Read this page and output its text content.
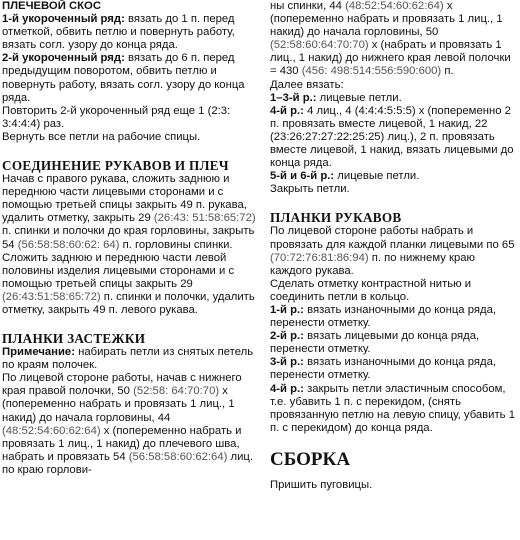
ПЛЕЧЕВОЙ СКОС

1-й укороченный ряд: вязать до 1 п. перед отметкой, обвить петлю и повернуть работу, вязать согл. узору до конца ряда.

2-й укороченный ряд: вязать до 6 п. перед предыдущим поворотом, обвить петлю и повернуть работу, вязать согл. узору до конца ряда.

Повторить 2-й укороченный ряд еще 1 (2:3: 3:4:4:4) раз.

Вернуть все петли на рабочие спицы.

СОЕДИНЕНИЕ РУКАВОВ И ПЛЕЧ

Начав с правого рукава, сложить заднюю и переднюю части лицевыми сторонами и с помощью третьей спицы закрыть 49 п. рукава, удалить отметку, закрыть 29 (26:43: 51:58:65:72) п. спинки и полочки до края горловины, закрыть 54 (56:58:58:60:62: 64) п. горловины спинки. Сложить заднюю и переднюю части левой половины изделия лицевыми сторонами и с помощью третьей спицы закрыть 29 (26:43:51:58:65:72) п. спинки и полочки, удалить отметку, закрыть 49 п. левого рукава.

ПЛАНКИ ЗАСТЕЖКИ

Примечание: набирать петли из снятых петель по краям полочек.

По лицевой стороне работы, начав с нижнего края правой полочки, 50 (52:58: 64:70:70) х (попеременно набрать и провязать 1 лиц., 1 накид) до начала горловины, 44 (48:52:54:60:62:64) х (попеременно набрать и провязать 1 лиц., 1 накид) до плечевого шва, набрать и провязать 54 (56:58:58:60:62:64) лиц. по краю горлови-

ны спинки, 44 (48:52:54:60:62:64) х (попеременно набрать и провязать 1 лиц., 1 накид) до начала горловины, 50 (52:58:60:64:70:70) х (набрать и провязать 1 лиц., 1 накид) до нижнего края левой полочки = 430 (456: 498:514:556:590:600) п.

Далее вязать:

1–3-й р.: лицевые петли.

4-й р.: 4 лиц., 4 (4:4:4:5:5:5) х (попеременно 2 п. провязать вместе лицевой, 1 накид, 22 (23:26:27:27:22:25:25) лиц.), 2 п. провязать вместе лицевой, 1 накид, вязать лицевыми до конца ряда.

5-й и 6-й р.: лицевые петли.

Закрыть петли.

ПЛАНКИ РУКАВОВ

По лицевой стороне работы набрать и провязать для каждой планки лицевыми по 65 (70:72:76:81:86:94) п. по нижнему краю каждого рукава.

Сделать отметку контрастной нитью и соединить петли в кольцо.

1-й р.: вязать изнаночными до конца ряда, перенести отметку.

2-й р.: вязать лицевыми до конца ряда, перенести отметку.

3-й р.: вязать изнаночными до конца ряда, перенести отметку.

4-й р.: закрыть петли эластичным способом, т.е. убавить 1 п. с перекидом, (снять провязанную петлю на левую спицу, убавить 1 п. с перекидом) до конца ряда.

СБОРКА

Пришить пуговицы.
